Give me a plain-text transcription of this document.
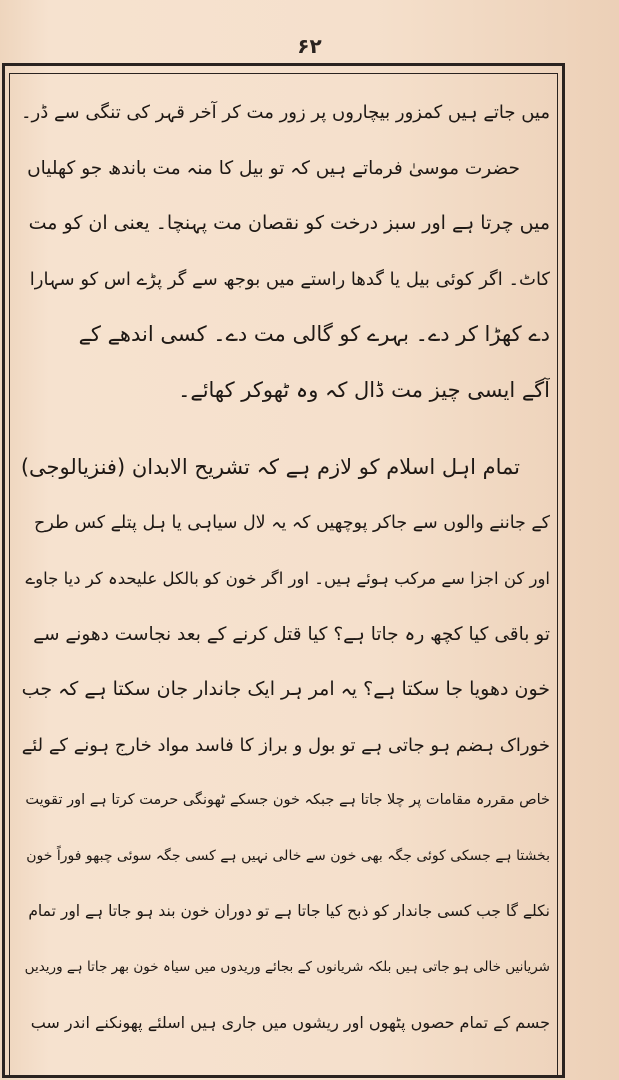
۶۲
میں جاتے ہیں کمزور بیچاروں پر زور مت کر آخر قہر کی تنگی سے ڈر۔
حضرت موسیٰ فرماتے ہیں کہ تو بیل کا منہ مت باندھ جو کھلیاں
میں چرتا ہے اور سبز درخت کو نقصان مت پہنچا۔ یعنی ان کو مت
کاٹ۔ اگر کوئی بیل یا گدھا راستے میں بوجھ سے گر پڑے اس کو سہارا
دے کھڑا کر دے۔ بہرے کو گالی مت دے۔ کسی اندھے کے
آگے ایسی چیز مت ڈال کہ وہ ٹھوکر کھائے۔
تمام اہل اسلام کو لازم ہے کہ تشریح الابدان (فنزیالوجی)
کے جاننے والوں سے جاکر پوچھیں کہ یہ لال سیاہی یا ہل پتلے کس طرح
اور کن اجزا سے مرکب ہوئے ہیں۔ اور اگر خون کو بالکل علیحدہ کر دیا جاوے
تو باقی کیا کچھ رہ جاتا ہے؟ کیا قتل کرنے کے بعد نجاست دھونے سے
خون دھویا جا سکتا ہے؟ یہ امر ہر ایک جاندار جان سکتا ہے کہ جب
خوراک ہضم ہو جاتی ہے تو بول و براز کا فاسد مواد خارج ہونے کے لئے
خاص مقررہ مقامات پر چلا جاتا ہے جبکہ خون جسکے ٹھونگی حرمت کرتا ہے اور تقویت
بخشتا ہے جسکی کوئی جگہ بھی خون سے خالی نہیں ہے کسی جگہ سوئی چبھو فوراً خون
نکلے گا جب کسی جاندار کو ذبح کیا جاتا ہے تو دوران خون بند ہو جاتا ہے اور تمام
شریانیں خالی ہو جاتی ہیں بلکہ شریانوں کے بجائے وریدوں میں سیاہ خون بھر جاتا ہے وریدیں
جسم کے تمام حصوں پٹھوں اور ریشوں میں جاری ہیں اسلئے پھونکنے اندر سب
